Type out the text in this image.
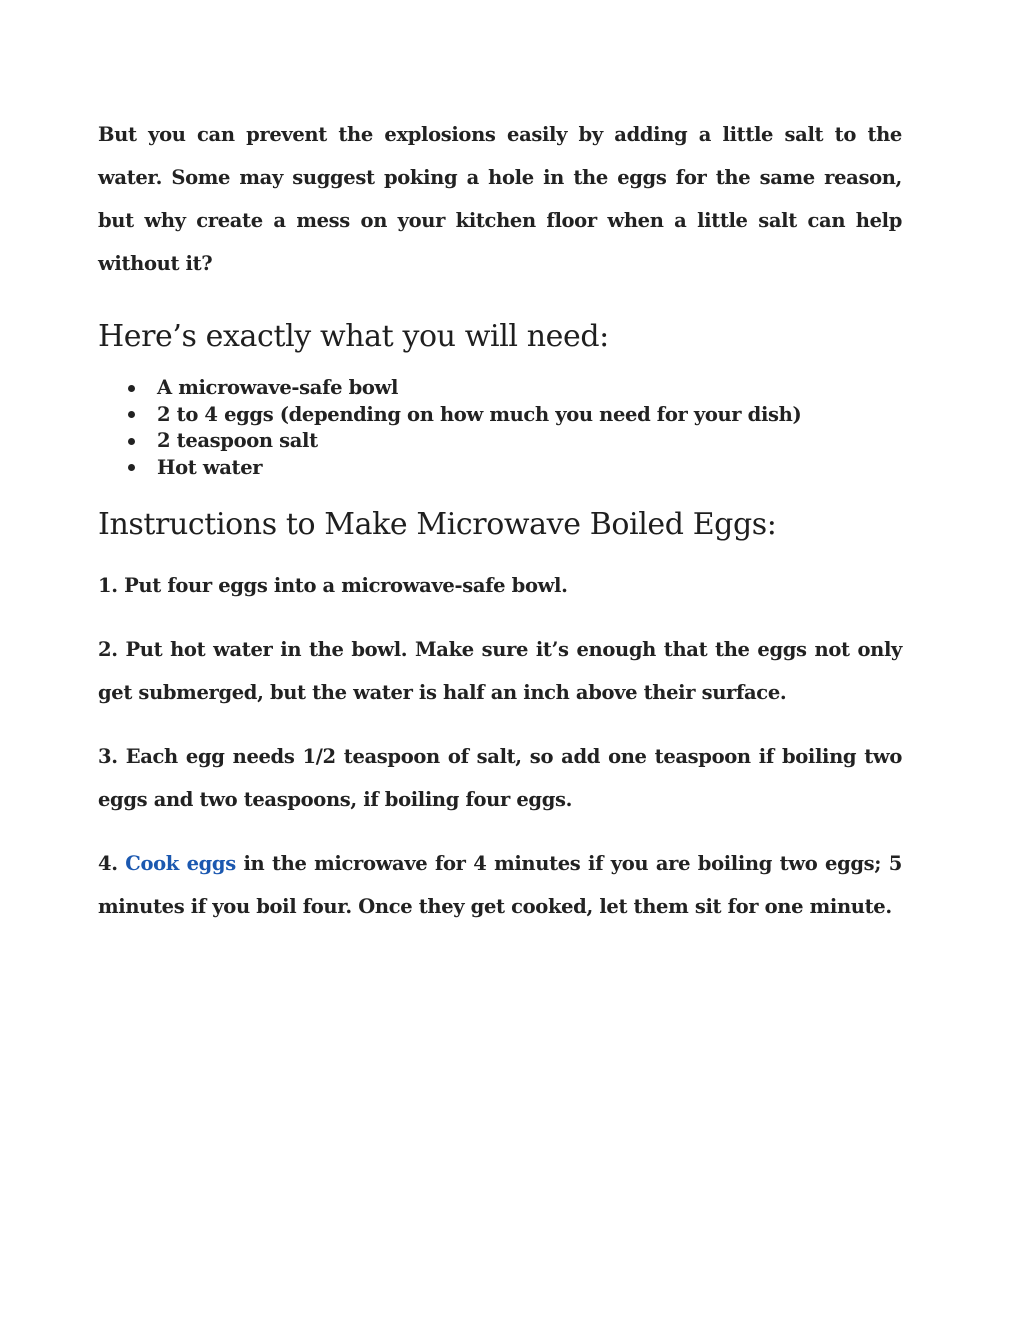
But you can prevent the explosions easily by adding a little salt to the water. Some may suggest poking a hole in the eggs for the same reason, but why create a mess on your kitchen floor when a little salt can help without it?

Here’s exactly what you will need:
A microwave-safe bowl
2 to 4 eggs (depending on how much you need for your dish)
2 teaspoon salt
Hot water
Instructions to Make Microwave Boiled Eggs:

1. Put four eggs into a microwave-safe bowl.

2. Put hot water in the bowl. Make sure it’s enough that the eggs not only get submerged, but the water is half an inch above their surface.

3. Each egg needs 1/2 teaspoon of salt, so add one teaspoon if boiling two eggs and two teaspoons, if boiling four eggs.

4. Cook eggs in the microwave for 4 minutes if you are boiling two eggs; 5 minutes if you boil four. Once they get cooked, let them sit for one minute.
